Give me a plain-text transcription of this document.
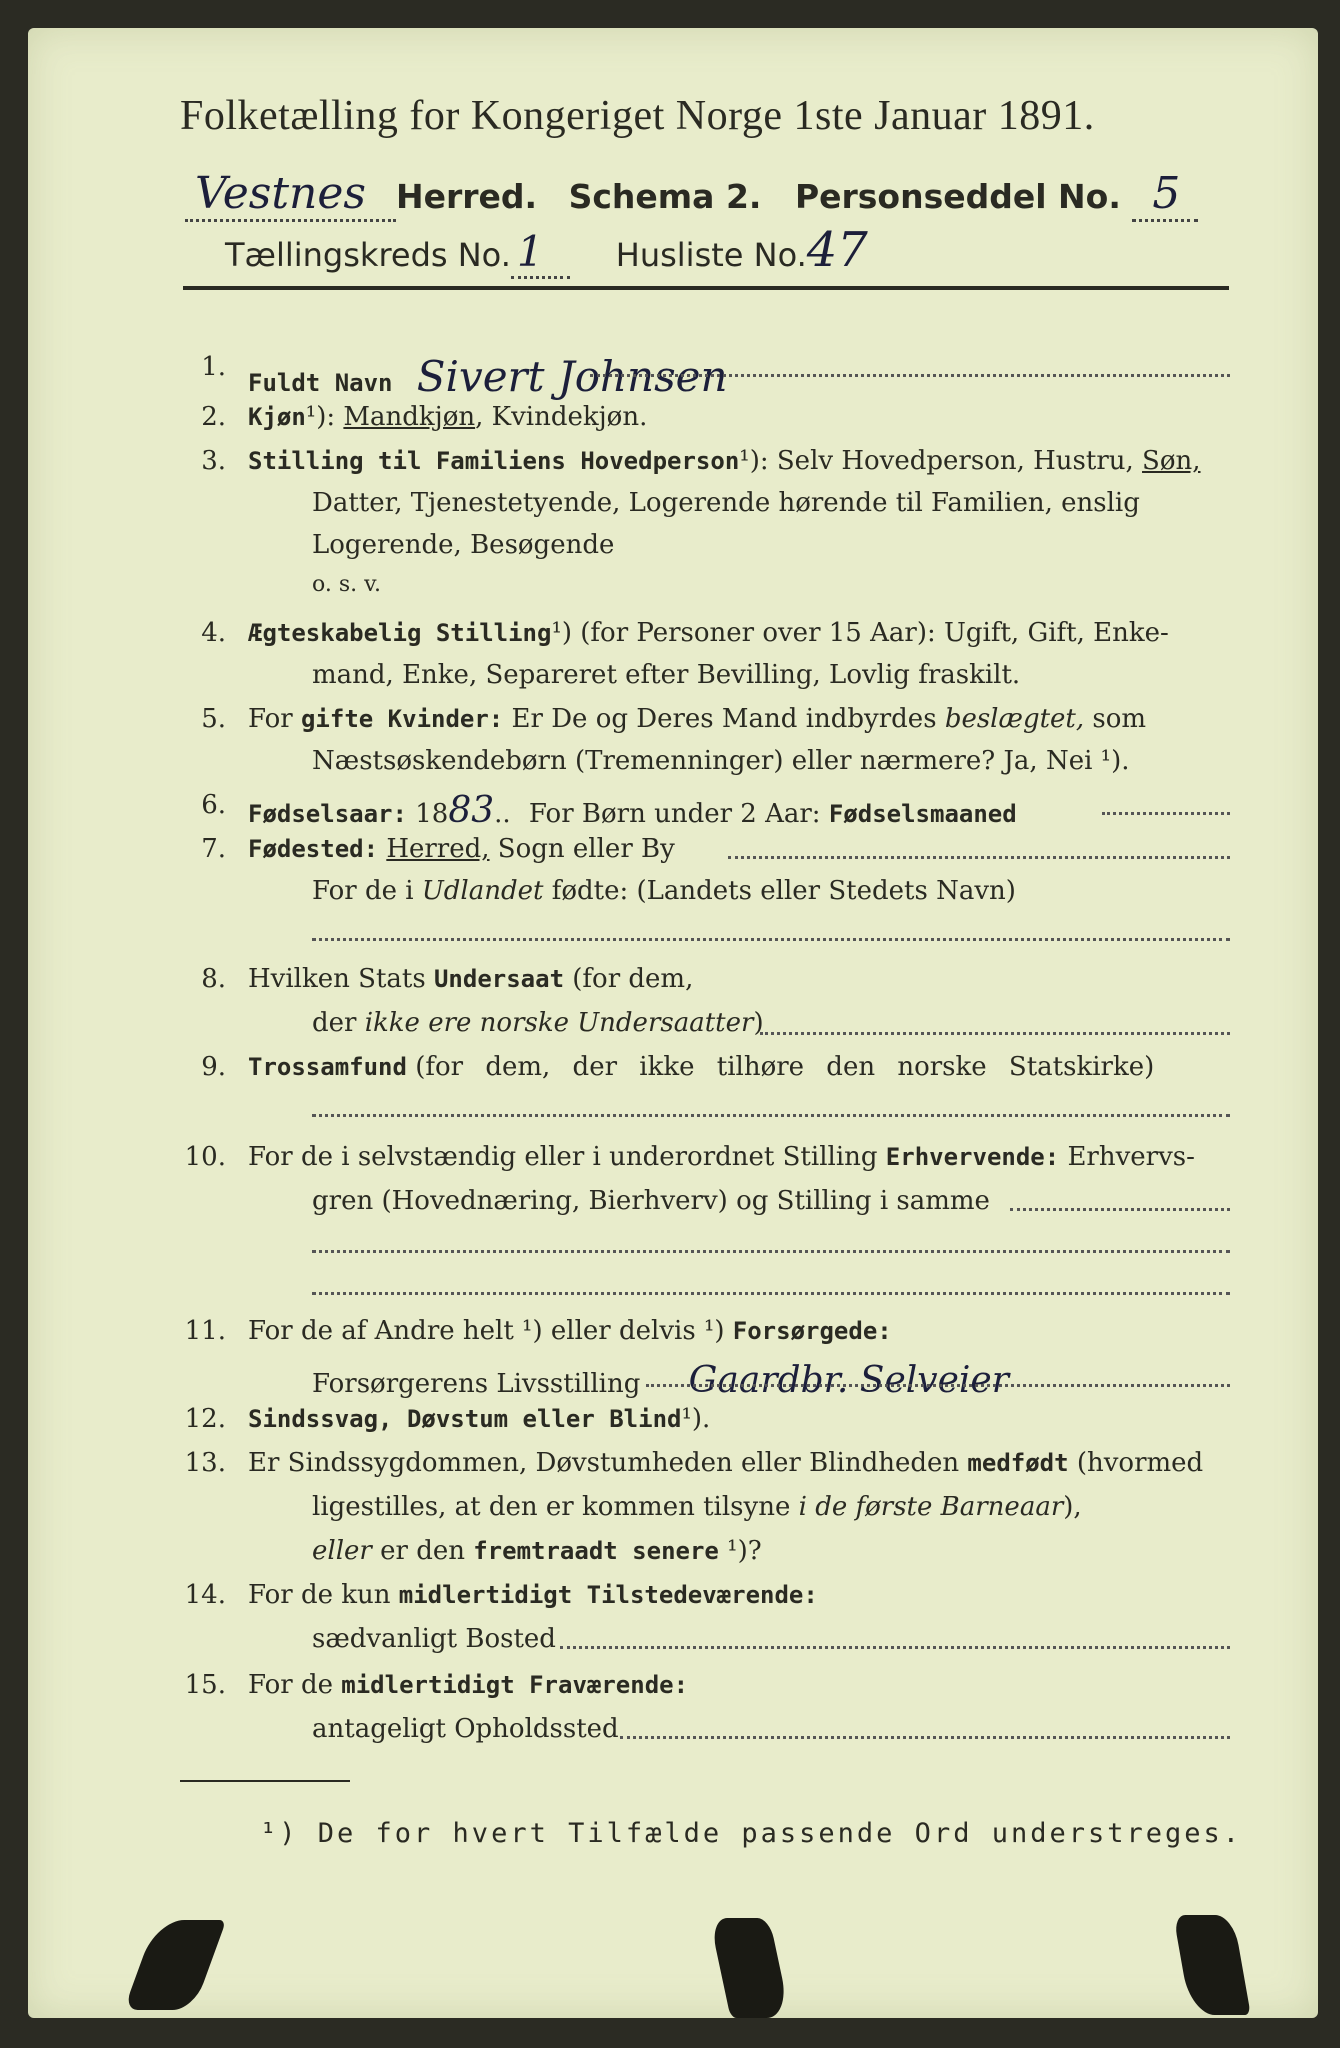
Folketælling for Kongeriget Norge 1ste Januar 1891.
Vestnes Herred. Schema 2. Personseddel No. 5
Tællingskreds No. 1 Husliste No.47
1.
Fuldt Navn Sivert Johnsen
2. Kjøn¹): Mandkjøn, Kvindekjøn.
3. Stilling til Familiens Hovedperson¹): Selv Hovedperson, Hustru, Søn,
Datter, Tjenestetyende, Logerende hørende til Familien, enslig
Logerende, Besøgende
o. s. v.
4. Ægteskabelig Stilling¹) (for Personer over 15 Aar): Ugift, Gift, Enke-
mand, Enke, Separeret efter Bevilling, Lovlig fraskilt.
5. For gifte Kvinder: Er De og Deres Mand indbyrdes beslægtet, som
Næstsøskendebørn (Tremenninger) eller nærmere? Ja, Nei ¹).
6. Fødselsaar: 1883.. For Børn under 2 Aar: Fødselsmaaned
7. Fødested: Herred, Sogn eller By
For de i Udlandet fødte: (Landets eller Stedets Navn)
8. Hvilken Stats Undersaat (for dem,
der ikke ere norske Undersaatter)
9. Trossamfund (for dem, der ikke tilhøre den norske Statskirke)
10. For de i selvstændig eller i underordnet Stilling Erhvervende: Erhvervs-
gren (Hovednæring, Bierhverv) og Stilling i samme
11. For de af Andre helt ¹) eller delvis ¹) Forsørgede:
Forsørgerens Livsstilling Gaardbr. Selveier
12. Sindssvag, Døvstum eller Blind¹).
13. Er Sindssygdommen, Døvstumheden eller Blindheden medfødt (hvormed
ligestilles, at den er kommen tilsyne i de første Barneaar),
eller er den fremtraadt senere ¹)?
14. For de kun midlertidigt Tilstedeværende:
sædvanligt Bosted
15. For de midlertidigt Fraværende:
antageligt Opholdssted
¹) De for hvert Tilfælde passende Ord understreges.
